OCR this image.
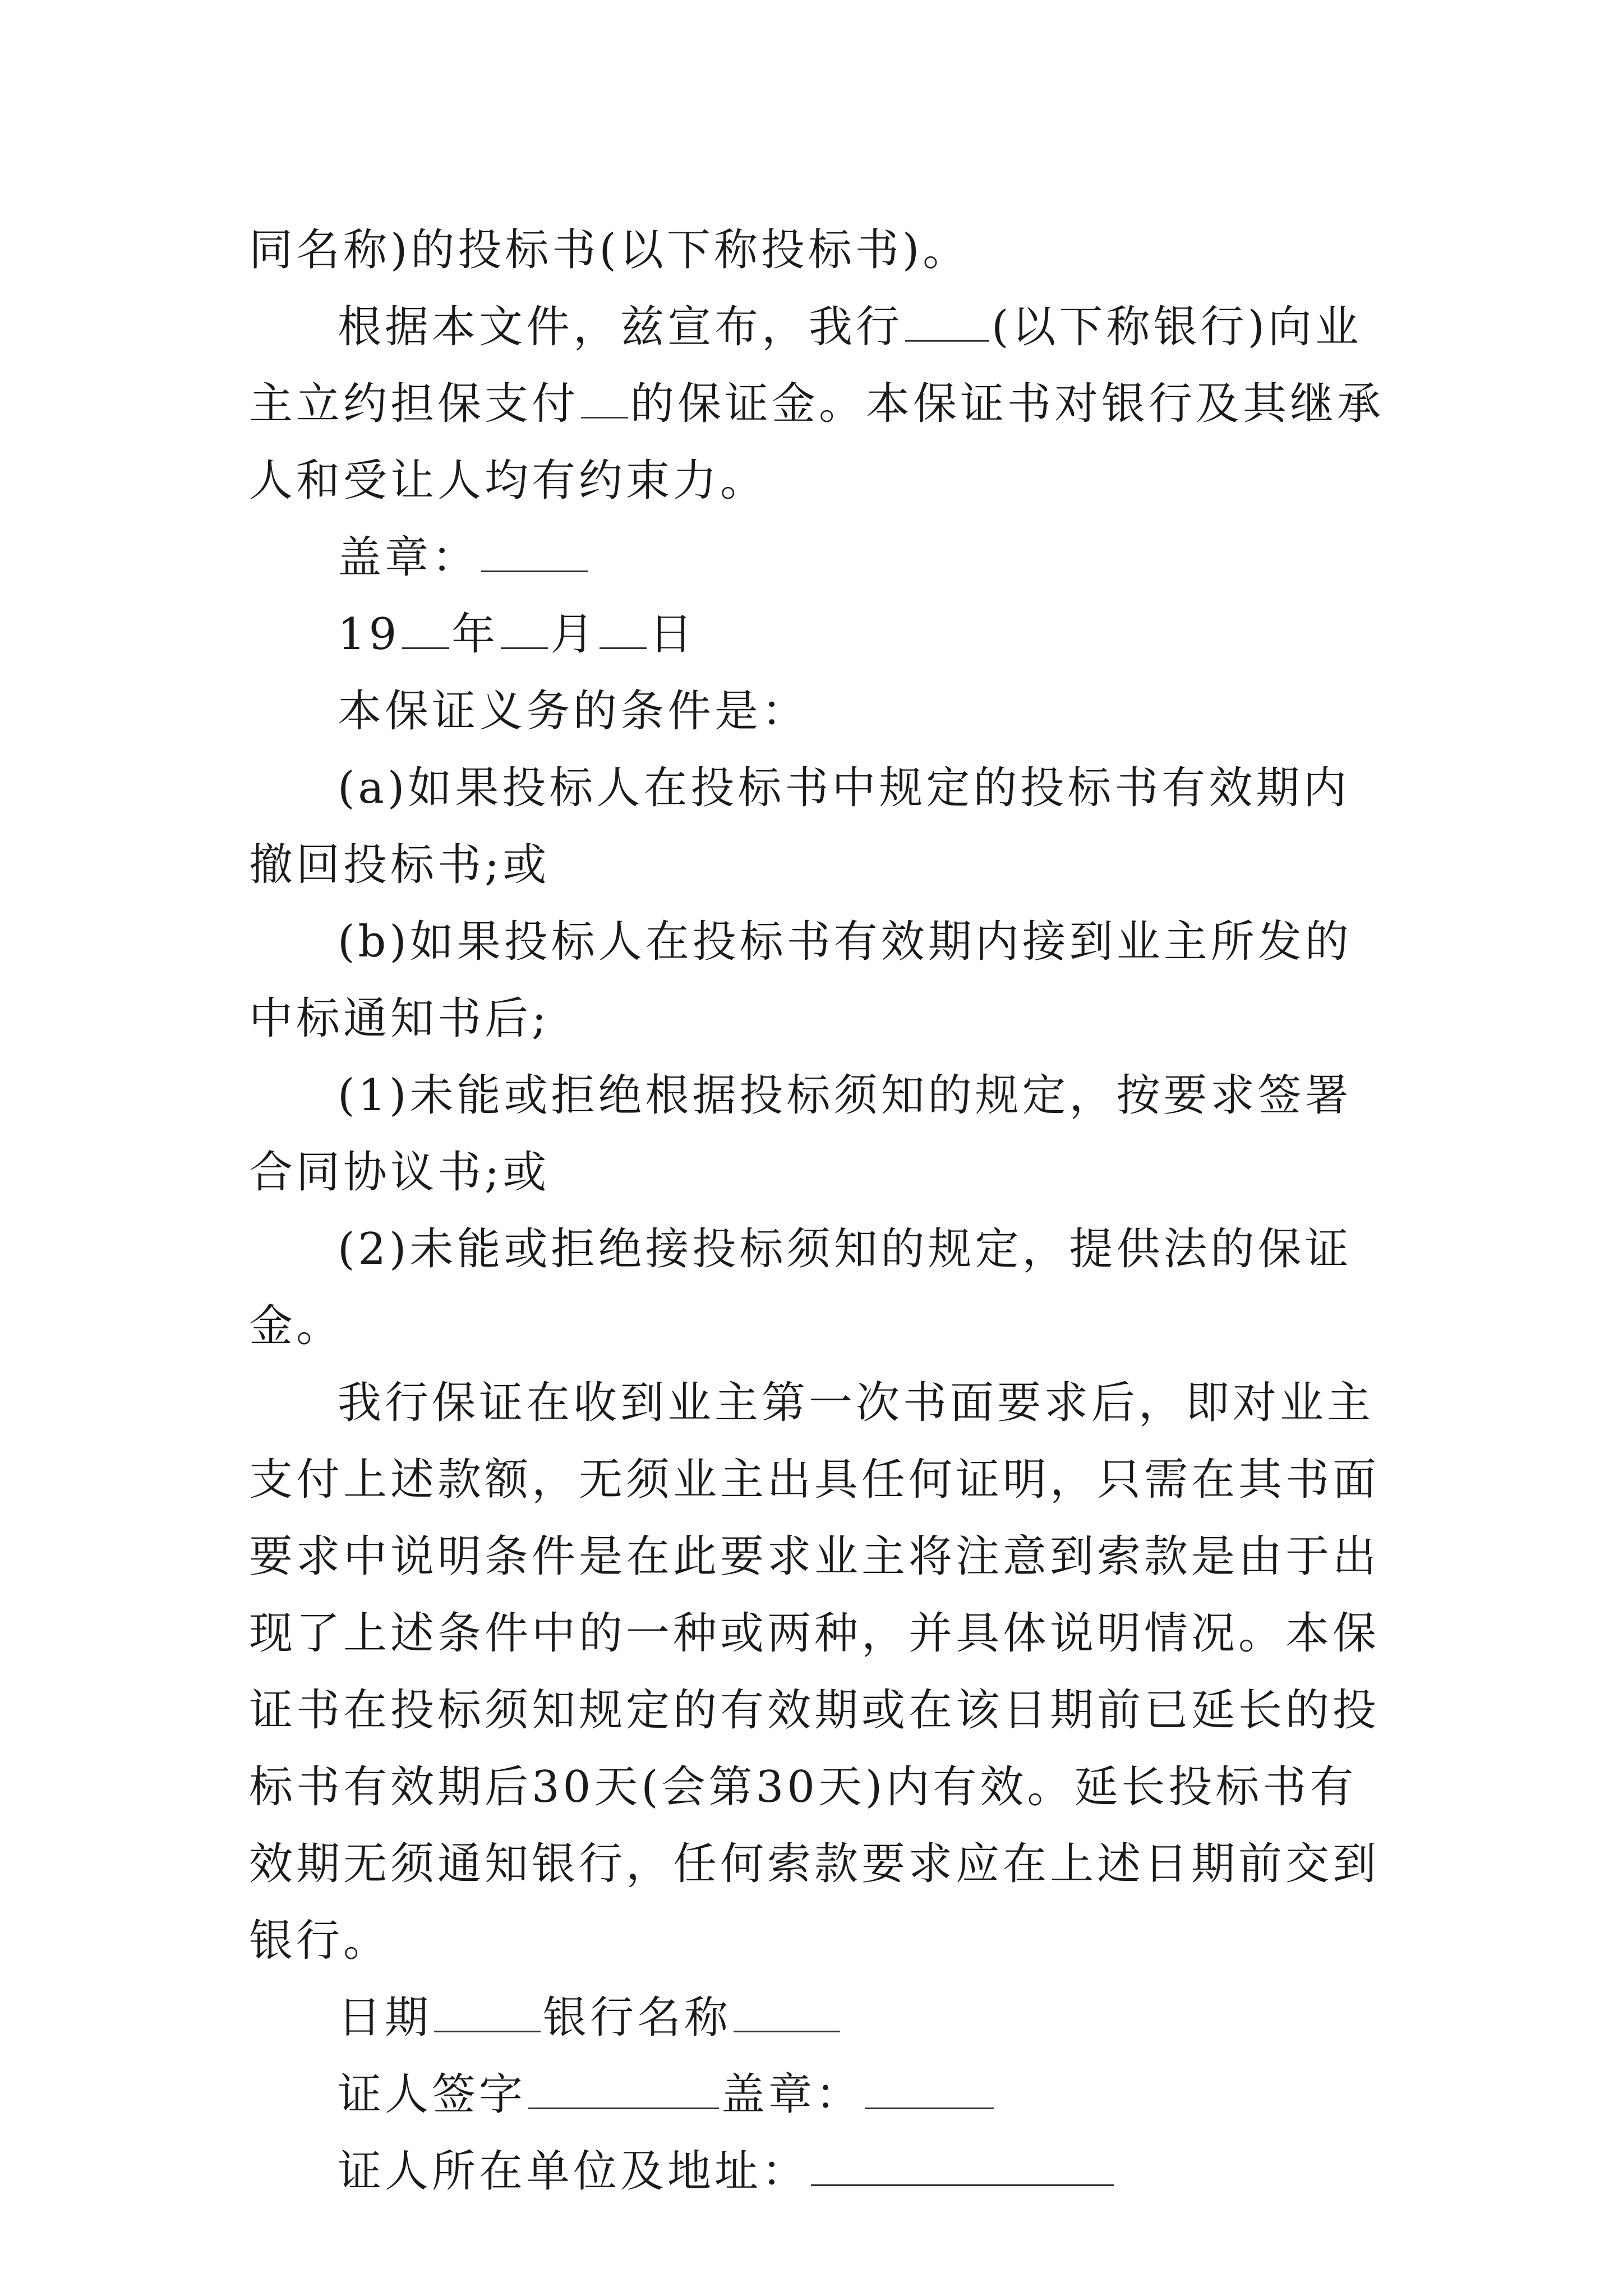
同名称)的投标书(以下称投标书)。

根据本文件，兹宣布，我行 (以下称银行)向业主立约担保支付 的保证金。本保证书对银行及其继承人和受让人均有约束力。

盖章：

19 年 月 日

本保证义务的条件是：

(a)如果投标人在投标书中规定的投标书有效期内撤回投标书;或

(b)如果投标人在投标书有效期内接到业主所发的中标通知书后;

(1)未能或拒绝根据投标须知的规定，按要求签署合同协议书;或

(2)未能或拒绝接投标须知的规定，提供法的保证金。

我行保证在收到业主第一次书面要求后，即对业主支付上述款额，无须业主出具任何证明，只需在其书面要求中说明条件是在此要求业主将注意到索款是由于出现了上述条件中的一种或两种，并具体说明情况。本保证书在投标须知规定的有效期或在该日期前已延长的投标书有效期后30天(会第30天)内有效。延长投标书有效期无须通知银行，任何索款要求应在上述日期前交到银行。

日期	银行名称

证人签字	盖章：

证人所在单位及地址：
